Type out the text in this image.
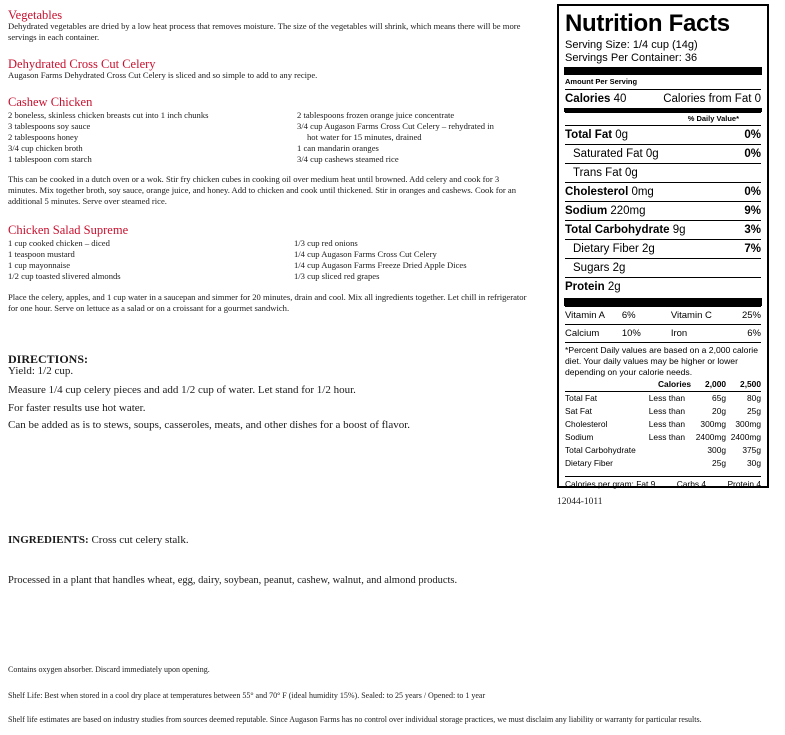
Vegetables
Dehydrated vegetables are dried by a low heat process that removes moisture. The size of the vegetables will shrink, which means there will be more servings in each container.
Dehydrated Cross Cut Celery
Augason Farms Dehydrated Cross Cut Celery is sliced and so simple to add to any recipe.
Cashew Chicken
2 boneless, skinless chicken breasts cut into 1 inch chunks
3 tablespoons soy sauce
2 tablespoons honey
3/4 cup chicken broth
1 tablespoon corn starch
2 tablespoons frozen orange juice concentrate
3/4 cup Augason Farms Cross Cut Celery – rehydrated in
hot water for 15 minutes, drained
1 can mandarin oranges
3/4 cup cashews steamed rice
This can be cooked in a dutch oven or a wok. Stir fry chicken cubes in cooking oil over medium heat until browned. Add celery and cook for 3 minutes. Mix together broth, soy sauce, orange juice, and honey. Add to chicken and cook until thickened. Stir in oranges and cashews. Cook for an additional 5 minutes. Serve over steamed rice.
Chicken Salad Supreme
1 cup cooked chicken – diced
1 teaspoon mustard
1 cup mayonnaise
1/2 cup toasted slivered almonds
1/3 cup red onions
1/4 cup Augason Farms Cross Cut Celery
1/4 cup Augason Farms Freeze Dried Apple Dices
1/3 cup sliced red grapes
Place the celery, apples, and 1 cup water in a saucepan and simmer for 20 minutes, drain and cool. Mix all ingredients together. Let chill in refrigerator for one hour. Serve on lettuce as a salad or on a croissant for a gourmet sandwich.
DIRECTIONS:
Yield: 1/2 cup.
Measure 1/4 cup celery pieces and add 1/2 cup of water. Let stand for 1/2 hour.
For faster results use hot water.
Can be added as is to stews, soups, casseroles, meats, and other dishes for a boost of flavor.
INGREDIENTS: Cross cut celery stalk.
Processed in a plant that handles wheat, egg, dairy, soybean, peanut, cashew, walnut, and almond products.
Contains oxygen absorber. Discard immediately upon opening.
Shelf Life: Best when stored in a cool dry place at temperatures between 55° and 70° F (ideal humidity 15%). Sealed: to 25 years / Opened: to 1 year
Shelf life estimates are based on industry studies from sources deemed reputable. Since Augason Farms has no control over individual storage practices, we must disclaim any liability or warranty for particular results.
Nutrition Facts
Serving Size: 1/4 cup (14g)
Servings Per Container: 36
Amount Per Serving
Calories 40	Calories from Fat 0
% Daily Value*
Total Fat 0g	0%
Saturated Fat 0g	0%
Trans Fat 0g
Cholesterol 0mg	0%
Sodium 220mg	9%
Total Carbohydrate 9g	3%
Dietary Fiber 2g	7%
Sugars 2g
Protein 2g
Vitamin A	6%	Vitamin C	25%
Calcium	10%	Iron	6%
*Percent Daily values are based on a 2,000 calorie diet. Your daily values may be higher or lower depending on your calorie needs.
	Calories	2,000	2,500
Total Fat	Less than	65g	80g
Sat Fat	Less than	20g	25g
Cholesterol	Less than	300mg	300mg
Sodium	Less than	2400mg	2400mg
Total Carbohydrate		300g	375g
Dietary Fiber		25g	30g
Calories per gram: Fat 9	Carbs 4	Protein 4
12044-1011
